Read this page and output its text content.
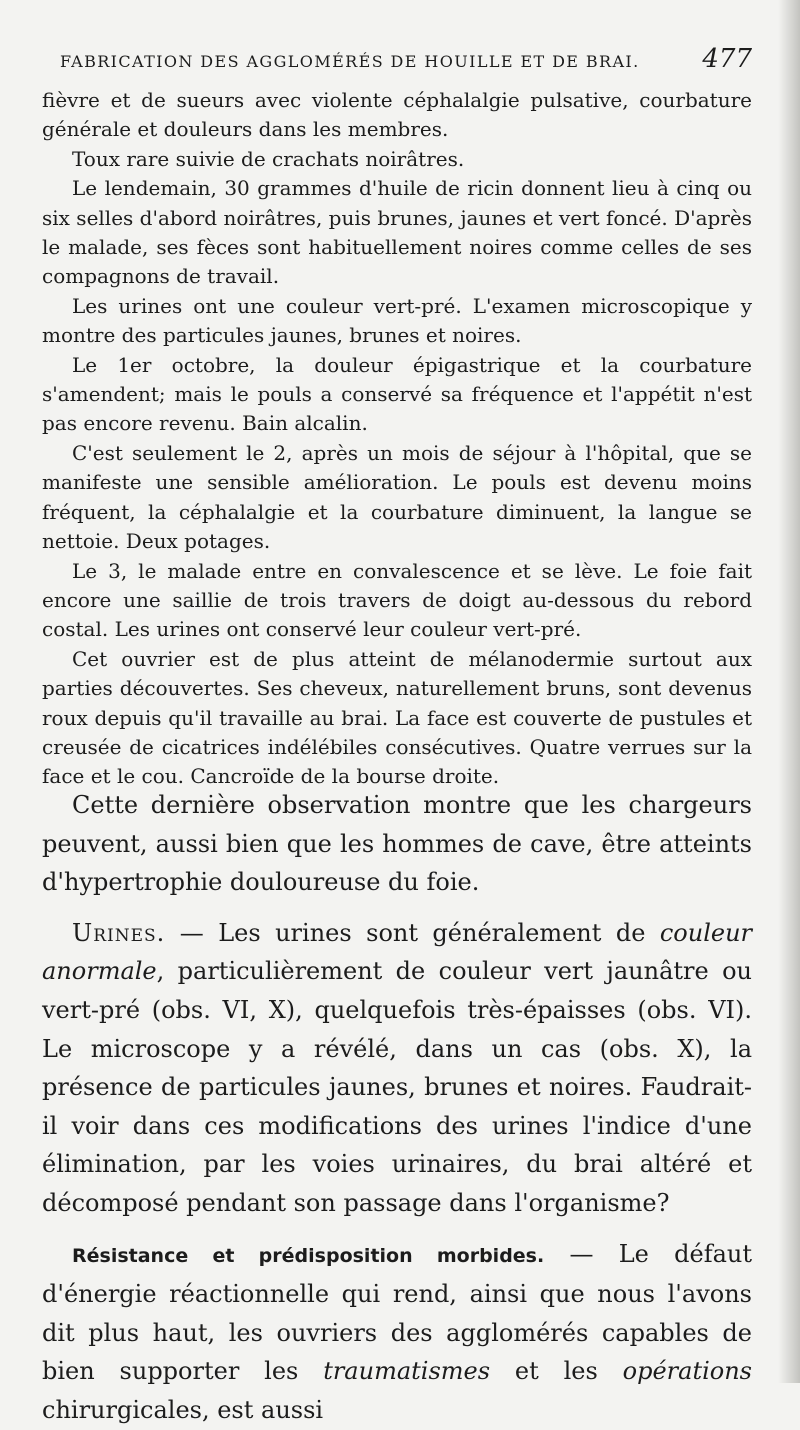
FABRICATION DES AGGLOMÉRÉS DE HOUILLE ET DE BRAI. 477

fièvre et de sueurs avec violente céphalalgie pulsative, courbature générale et douleurs dans les membres.

Toux rare suivie de crachats noirâtres.

Le lendemain, 30 grammes d'huile de ricin donnent lieu à cinq ou six selles d'abord noirâtres, puis brunes, jaunes et vert foncé. D'après le malade, ses fèces sont habituellement noires comme celles de ses compagnons de travail.

Les urines ont une couleur vert-pré. L'examen microscopique y montre des particules jaunes, brunes et noires.

Le 1er octobre, la douleur épigastrique et la courbature s'amendent; mais le pouls a conservé sa fréquence et l'appétit n'est pas encore revenu. Bain alcalin.

C'est seulement le 2, après un mois de séjour à l'hôpital, que se manifeste une sensible amélioration. Le pouls est devenu moins fréquent, la céphalalgie et la courbature diminuent, la langue se nettoie. Deux potages.

Le 3, le malade entre en convalescence et se lève. Le foie fait encore une saillie de trois travers de doigt au-dessous du rebord costal. Les urines ont conservé leur couleur vert-pré.

Cet ouvrier est de plus atteint de mélanodermie surtout aux parties découvertes. Ses cheveux, naturellement bruns, sont devenus roux depuis qu'il travaille au brai. La face est couverte de pustules et creusée de cicatrices indélébiles consécutives. Quatre verrues sur la face et le cou. Cancroïde de la bourse droite.

Cette dernière observation montre que les chargeurs peuvent, aussi bien que les hommes de cave, être atteints d'hypertrophie douloureuse du foie.

Urines. — Les urines sont généralement de couleur anormale, particulièrement de couleur vert jaunâtre ou vert-pré (obs. VI, X), quelquefois très-épaisses (obs. VI). Le microscope y a révélé, dans un cas (obs. X), la présence de particules jaunes, brunes et noires. Faudrait-il voir dans ces modifications des urines l'indice d'une élimination, par les voies urinaires, du brai altéré et décomposé pendant son passage dans l'organisme?

Résistance et prédisposition morbides. — Le défaut d'énergie réactionnelle qui rend, ainsi que nous l'avons dit plus haut, les ouvriers des agglomérés capables de bien supporter les traumatismes et les opérations chirurgicales, est aussi
